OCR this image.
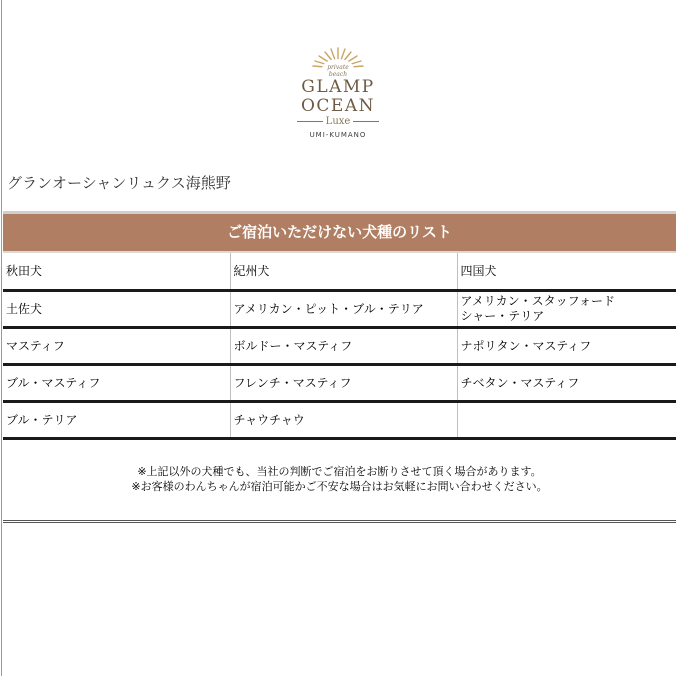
private
beach
GLAMP
OCEAN
Luxe
UMI-KUMANO
グランオーシャンリュクス海熊野
ご宿泊いただけない犬種のリスト
秋田犬	紀州犬	四国犬
土佐犬	アメリカン・ピット・ブル・テリア	アメリカン・スタッフォード
シャー・テリア
マスティフ	ボルドー・マスティフ	ナポリタン・マスティフ
ブル・マスティフ	フレンチ・マスティフ	チベタン・マスティフ
ブル・テリア	チャウチャウ	
※上記以外の犬種でも、当社の判断でご宿泊をお断りさせて頂く場合があります。
※お客様のわんちゃんが宿泊可能かご不安な場合はお気軽にお問い合わせください。
